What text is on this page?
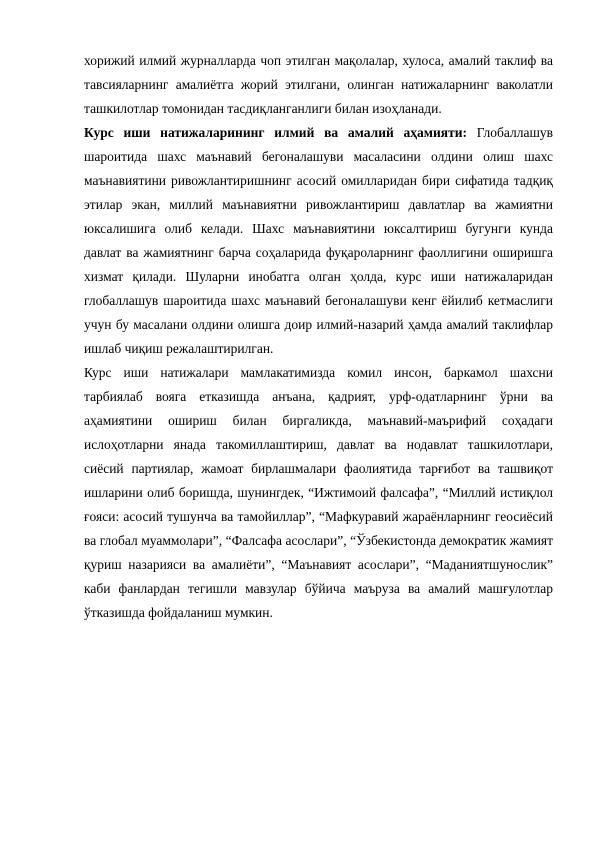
хорижий илмий журналларда чоп этилган мақолалар, хулоса, амалий таклиф ва тавсияларнинг амалиётга жорий этилгани, олинган натижаларнинг ваколатли ташкилотлар томонидан тасдиқланганлиги билан изоҳланади.

Курс иши натижаларининг илмий ва амалий аҳамияти: Глобаллашув шароитида шахс маънавий бегоналашуви масаласини олдини олиш шахс маънавиятини ривожлантиришнинг асосий омилларидан бири сифатида тадқиқ этилар экан, миллий маънавиятни ривожлантириш давлатлар ва жамиятни юксалишига олиб келади. Шахс маънавиятини юксалтириш бугунги кунда давлат ва жамиятнинг барча соҳаларида фуқароларнинг фаоллигини оширишга хизмат қилади. Шуларни инобатга олган ҳолда, курс иши натижаларидан глобаллашув шароитида шахс маънавий бегоналашуви кенг ёйилиб кетмаслиги учун бу масалани олдини олишга доир илмий-назарий ҳамда амалий таклифлар ишлаб чиқиш режалаштирилган.

Курс иши натижалари мамлакатимизда комил инсон, баркамол шахсни тарбиялаб вояга етказишда анъана, қадрият, урф-одатларнинг ўрни ва аҳамиятини ошириш билан биргаликда, маънавий-маърифий соҳадаги ислоҳотларни янада такомиллаштириш, давлат ва нодавлат ташкилотлари, сиёсий партиялар, жамоат бирлашмалари фаолиятида тарғибот ва ташвиқот ишларини олиб боришда, шунингдек, “Ижтимоий фалсафа”, “Миллий истиқлол ғояси: асосий тушунча ва тамойиллар”, “Мафкуравий жараёнларнинг геосиёсий ва глобал муаммолари”, “Фалсафа асослари”, “Ўзбекистонда демократик жамият қуриш назарияси ва амалиёти”, “Маънавият асослари”, “Маданиятшунослик” каби фанлардан тегишли мавзулар бўйича маъруза ва амалий машғулотлар ўтказишда фойдаланиш мумкин.
